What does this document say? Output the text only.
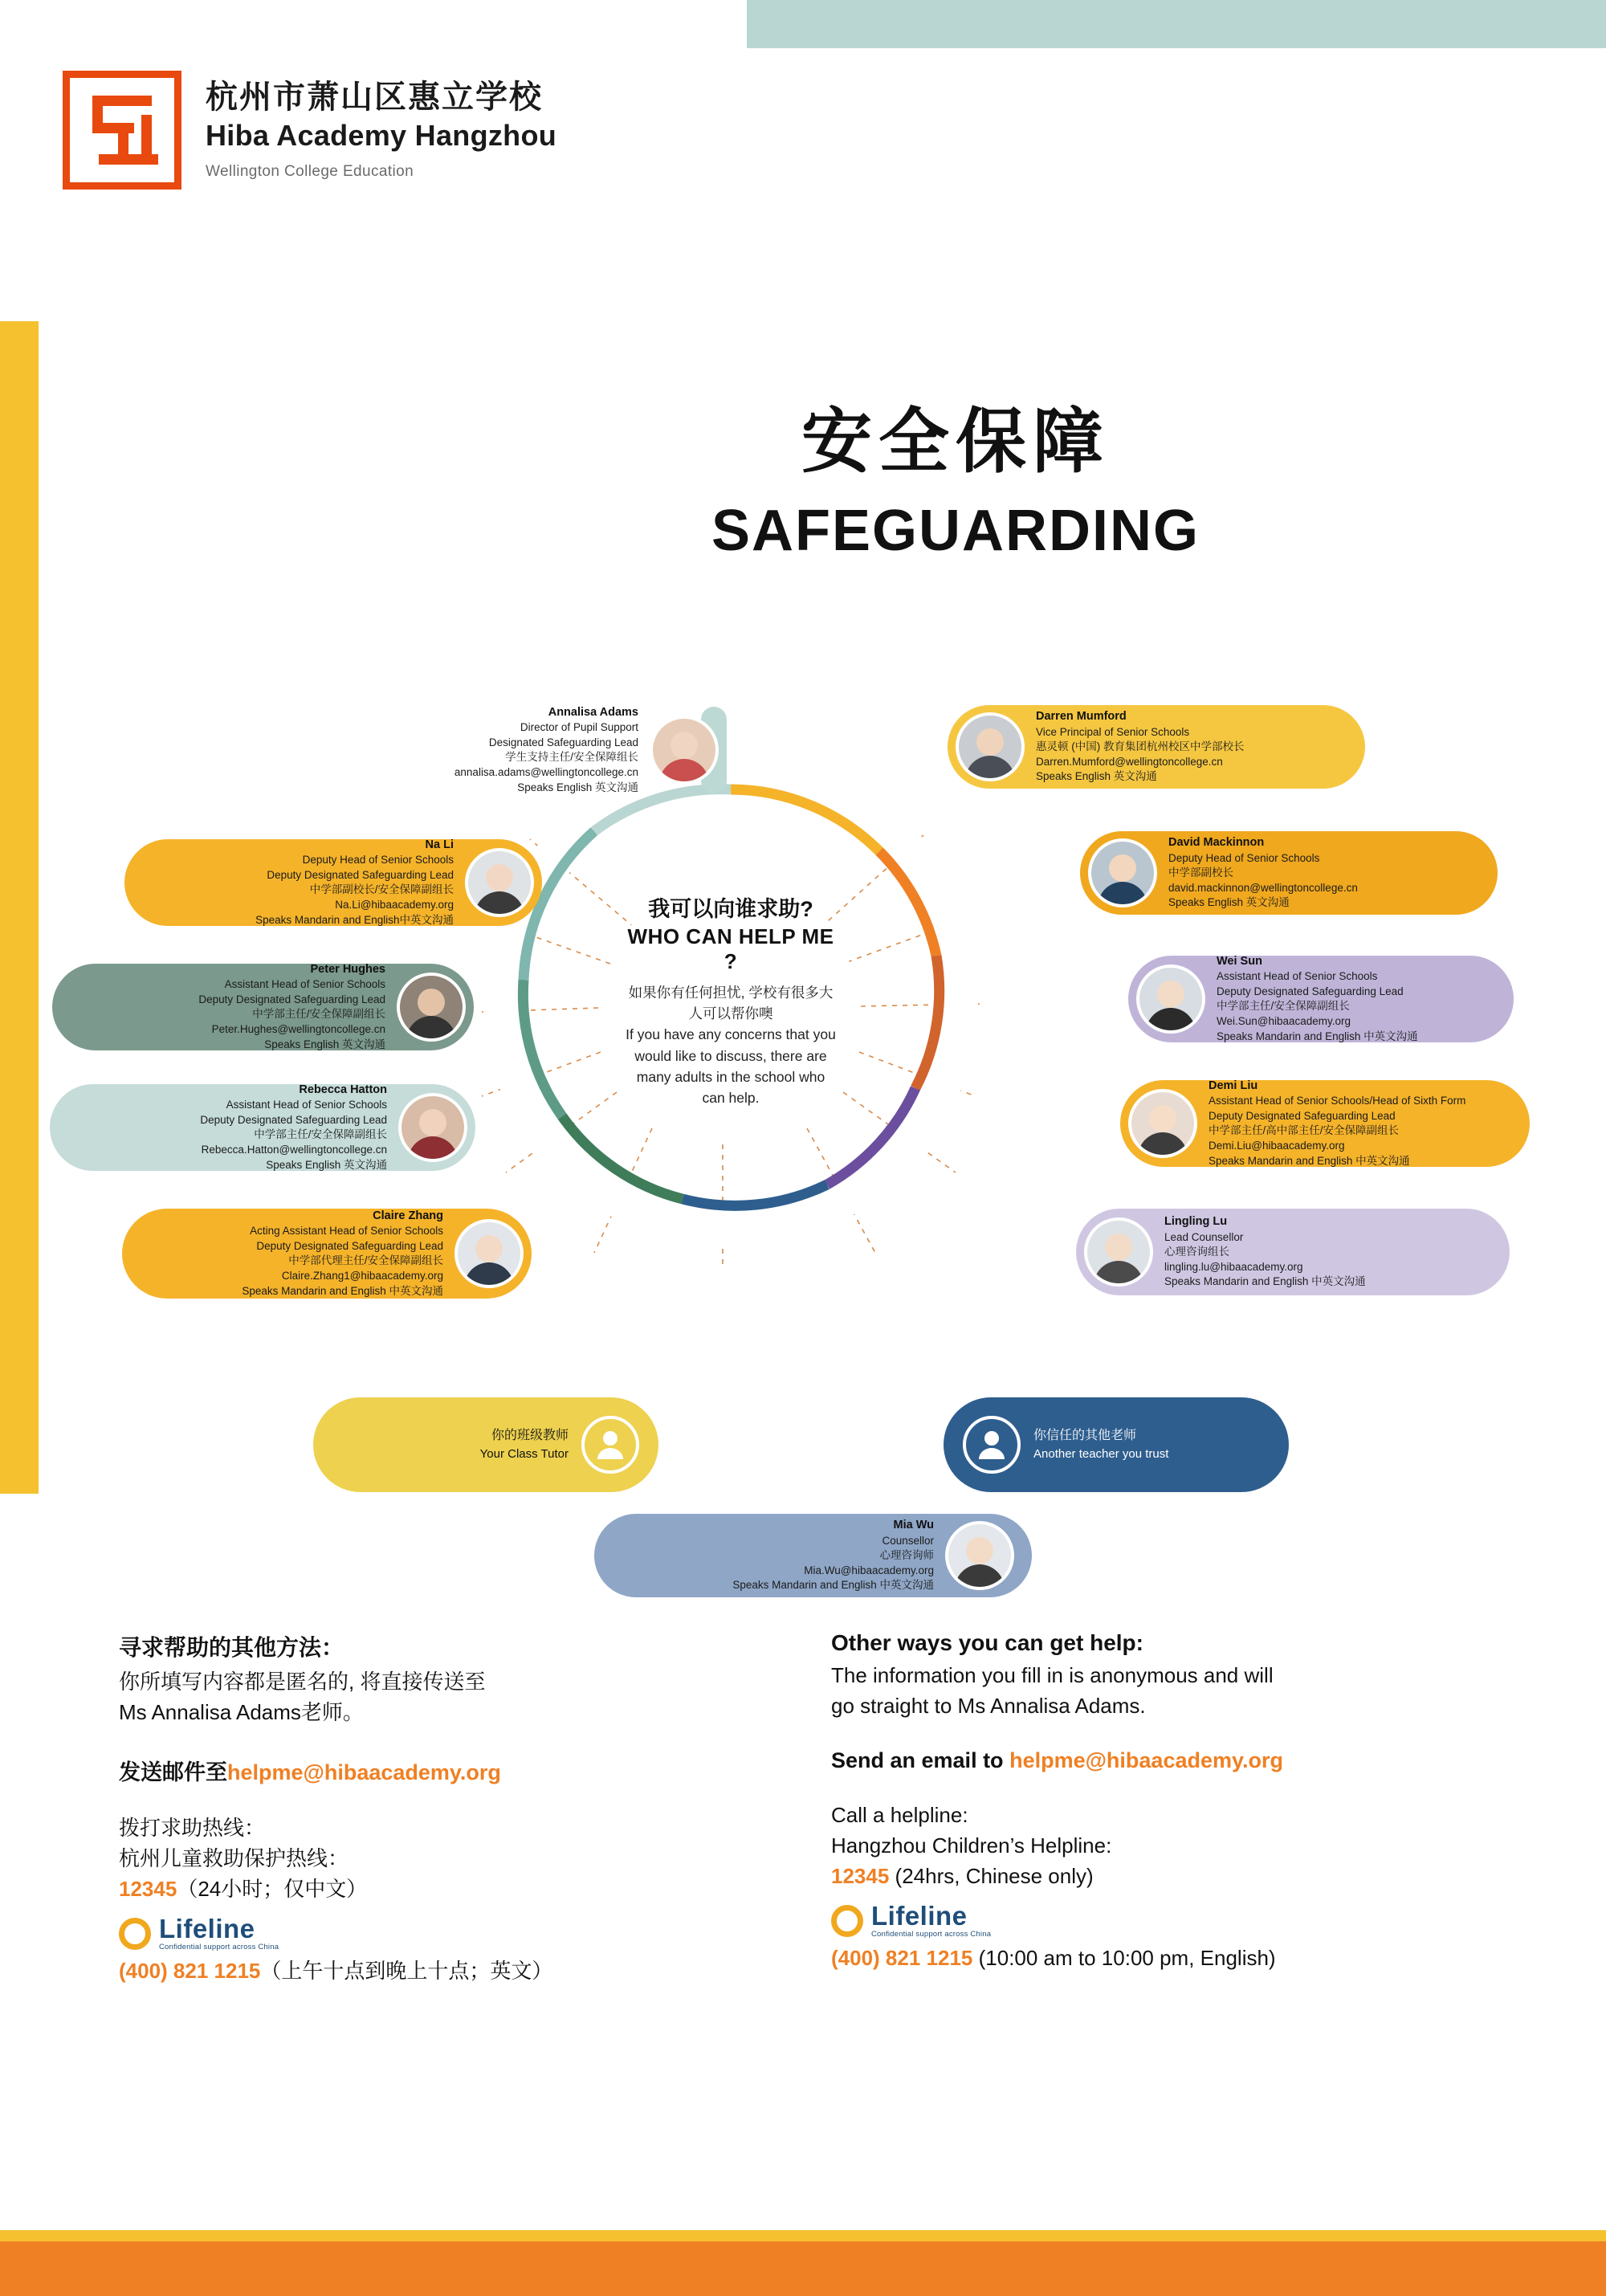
杭州市萧山区惠立学校
Hiba Academy Hangzhou
Wellington College Education
安全保障
SAFEGUARDING
我可以向谁求助?
WHO CAN HELP ME ?
如果你有任何担忧, 学校有很多大人可以帮你噢
If you have any concerns that you would like to discuss, there are many adults in the school who can help.
Annalisa Adams
Director of Pupil Support
Designated Safeguarding Lead
学生支持主任/安全保障组长
annalisa.adams@wellingtoncollege.cn
Speaks English 英文沟通
Na Li
Deputy Head of Senior Schools
Deputy Designated Safeguarding Lead
中学部副校长/安全保障副组长
Na.Li@hibaacademy.org
Speaks Mandarin and English中英文沟通
Peter Hughes
Assistant Head of Senior Schools
Deputy Designated Safeguarding Lead
中学部主任/安全保障副组长
Peter.Hughes@wellingtoncollege.cn
Speaks English 英文沟通
Rebecca Hatton
Assistant Head of Senior Schools
Deputy Designated Safeguarding Lead
中学部主任/安全保障副组长
Rebecca.Hatton@wellingtoncollege.cn
Speaks English 英文沟通
Claire Zhang
Acting Assistant Head of Senior Schools
Deputy Designated Safeguarding Lead
中学部代理主任/安全保障副组长
Claire.Zhang1@hibaacademy.org
Speaks Mandarin and English 中英文沟通
Darren Mumford
Vice Principal of Senior Schools
惠灵顿 (中国) 教育集团杭州校区中学部校长
Darren.Mumford@wellingtoncollege.cn
Speaks English 英文沟通
David Mackinnon
Deputy Head of Senior Schools
中学部副校长
david.mackinnon@wellingtoncollege.cn
Speaks English 英文沟通
Wei Sun
Assistant Head of Senior Schools
Deputy Designated Safeguarding Lead
中学部主任/安全保障副组长
Wei.Sun@hibaacademy.org
Speaks Mandarin and English 中英文沟通
Demi Liu
Assistant Head of Senior Schools/Head of Sixth Form
Deputy Designated Safeguarding Lead
中学部主任/高中部主任/安全保障副组长
Demi.Liu@hibaacademy.org
Speaks Mandarin and English 中英文沟通
Lingling Lu
Lead Counsellor
心理咨询组长
lingling.lu@hibaacademy.org
Speaks Mandarin and English 中英文沟通
你的班级教师
Your Class Tutor
你信任的其他老师
Another teacher you trust
Mia Wu
Counsellor
心理咨询师
Mia.Wu@hibaacademy.org
Speaks Mandarin and English 中英文沟通
寻求帮助的其他方法：
你所填写内容都是匿名的, 将直接传送至
Ms Annalisa Adams老师。
发送邮件至helpme@hibaacademy.org
拨打求助热线：
杭州儿童救助保护热线：
12345（24小时；仅中文）
Lifeline
Confidential support across China
(400) 821 1215（上午十点到晚上十点；英文）
Other ways you can get help:
The information you fill in is anonymous and will
go straight to Ms Annalisa Adams.
Send an email to helpme@hibaacademy.org
Call a helpline:
Hangzhou Children’s Helpline:
12345 (24hrs, Chinese only)
Lifeline
Confidential support across China
(400) 821 1215 (10:00 am to 10:00 pm, English)
